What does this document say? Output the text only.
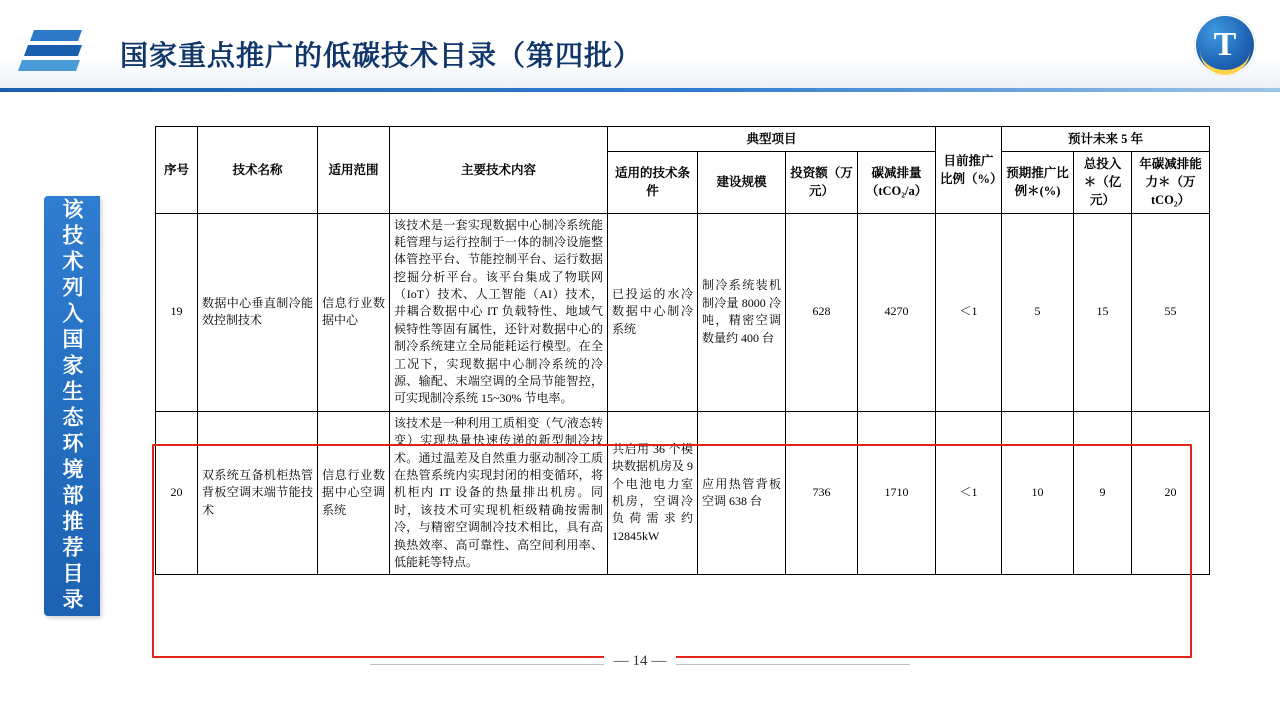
国家重点推广的低碳技术目录（第四批）	T
该技术列入国家生态环境部推荐目录
序号	技术名称	适用范围	主要技术内容	典型项目				目前推广比例（%）	预计未来 5 年		
				适用的技术条件	建设规模	投资额（万元）	碳减排量（tCO₂/a）		预期推广比例＊(%)	总投入＊（亿元）	年碳减排能力＊（万 tCO₂）
19	数据中心垂直制冷能效控制技术	信息行业数据中心	该技术是一套实现数据中心制冷系统能耗管理与运行控制于一体的制冷设施整体管控平台、节能控制平台、运行数据挖掘分析平台。该平台集成了物联网（IoT）技术、人工智能（AI）技术，并耦合数据中心 IT 负载特性、地域气候特性等固有属性，还针对数据中心的制冷系统建立全局能耗运行模型。在全工况下，实现数据中心制冷系统的冷源、输配、末端空调的全局节能智控，可实现制冷系统 15~30% 节电率。	已投运的水冷数据中心制冷系统	制冷系统装机制冷量 8000 冷吨，精密空调数量约 400 台	628	4270	＜1	5	15	55
20	双系统互备机柜热管背板空调末端节能技术	信息行业数据中心空调系统	该技术是一种利用工质相变（气/液态转变）实现热量快速传递的新型制冷技术。通过温差及自然重力驱动制冷工质在热管系统内实现封闭的相变循环，将机柜内 IT 设备的热量排出机房。同时，该技术可实现机柜级精确按需制冷，与精密空调制冷技术相比，具有高换热效率、高可靠性、高空间利用率、低能耗等特点。	共启用 36 个模块数据机房及 9 个电池电力室机房，空调冷负荷需求约 12845kW	应用热管背板空调 638 台	736	1710	＜1	10	9	20
— 14 —
